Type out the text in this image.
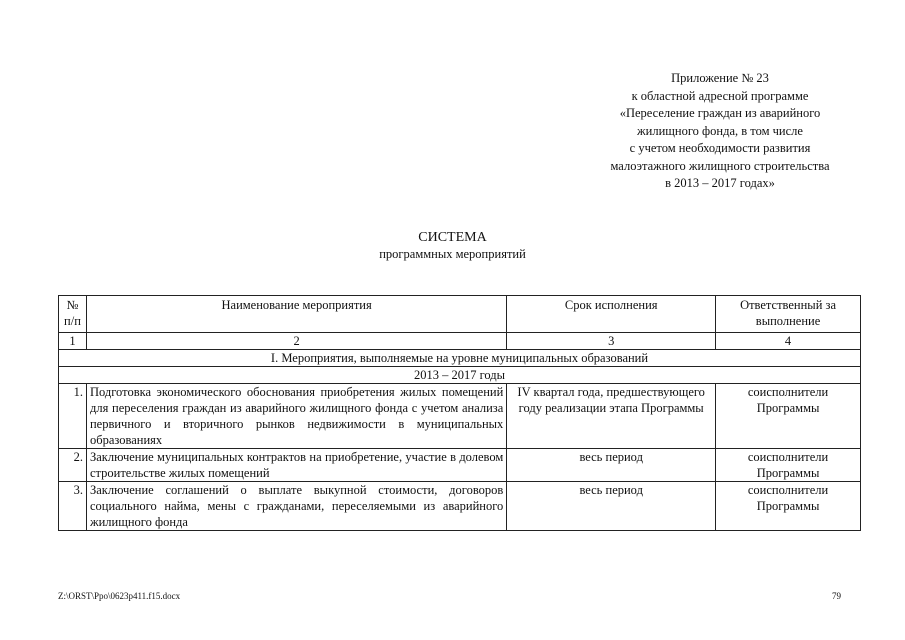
Приложение № 23
к областной адресной программе
«Переселение граждан из аварийного
жилищного фонда, в том числе
с учетом необходимости развития
малоэтажного жилищного строительства
в 2013 – 2017 годах»
СИСТЕМА
программных мероприятий
№ п/п	Наименование мероприятия	Срок исполнения	Ответственный за выполнение
1	2	3	4
I. Мероприятия, выполняемые на уровне муниципальных образований			
2013 – 2017 годы			
1.	Подготовка экономического обоснования приобретения жилых помещений для переселения граждан из аварийного жилищного фонда с учетом анализа первичного и вторичного рынков недвижимости в муниципальных образованиях	IV квартал года, предшествующего году реализации этапа Программы	соисполнители Программы
2.	Заключение муниципальных контрактов на приобретение, участие в долевом строительстве жилых помещений	весь период	соисполнители Программы
3.	Заключение соглашений о выплате выкупной стоимости, договоров социального найма, мены с гражданами, переселяемыми из аварийного жилищного фонда	весь период	соисполнители Программы
Z:\ORST\Ppo\0623p411.f15.docx	79
